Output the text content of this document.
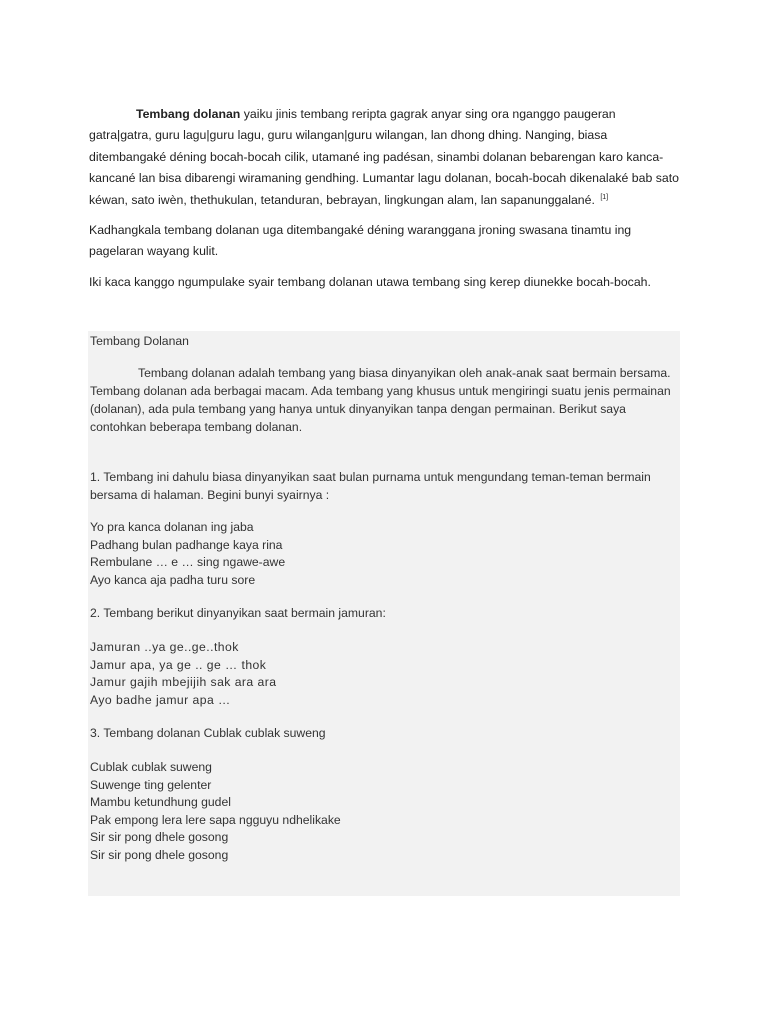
Tembang dolanan yaiku jinis tembang reripta gagrak anyar sing ora nganggo paugeran gatra|gatra, guru lagu|guru lagu, guru wilangan|guru wilangan, lan dhong dhing. Nanging, biasa ditembangaké déning bocah-bocah cilik, utamané ing padésan, sinambi dolanan bebarengan karo kanca-kancané lan bisa dibarengi wiramaning gendhing. Lumantar lagu dolanan, bocah-bocah dikenalaké bab sato kéwan, sato iwèn, thethukulan, tetanduran, bebrayan, lingkungan alam, lan sapanunggalané. [1]

Kadhangkala tembang dolanan uga ditembangaké déning waranggana jroning swasana tinamtu ing pagelaran wayang kulit.

Iki kaca kanggo ngumpulake syair tembang dolanan utawa tembang sing kerep diunekke bocah-bocah.

Tembang Dolanan
Tembang dolanan adalah tembang yang biasa dinyanyikan oleh anak-anak saat bermain bersama. Tembang dolanan ada berbagai macam. Ada tembang yang khusus untuk mengiringi suatu jenis permainan (dolanan), ada pula tembang yang hanya untuk dinyanyikan tanpa dengan permainan. Berikut saya contohkan beberapa tembang dolanan.
1. Tembang ini dahulu biasa dinyanyikan saat bulan purnama untuk mengundang teman-teman bermain bersama di halaman. Begini bunyi syairnya :
Yo pra kanca dolanan ing jaba
Padhang bulan padhange kaya rina
Rembulane … e … sing ngawe-awe
Ayo kanca aja padha turu sore
2. Tembang berikut dinyanyikan saat bermain jamuran:
Jamuran ..ya ge..ge..thok
Jamur apa, ya ge .. ge … thok
Jamur gajih mbejijih sak ara ara
Ayo badhe jamur apa …
3. Tembang dolanan Cublak cublak suweng
Cublak cublak suweng
Suwenge ting gelenter
Mambu ketundhung gudel
Pak empong lera lere sapa ngguyu ndhelikake
Sir sir pong dhele gosong
Sir sir pong dhele gosong
